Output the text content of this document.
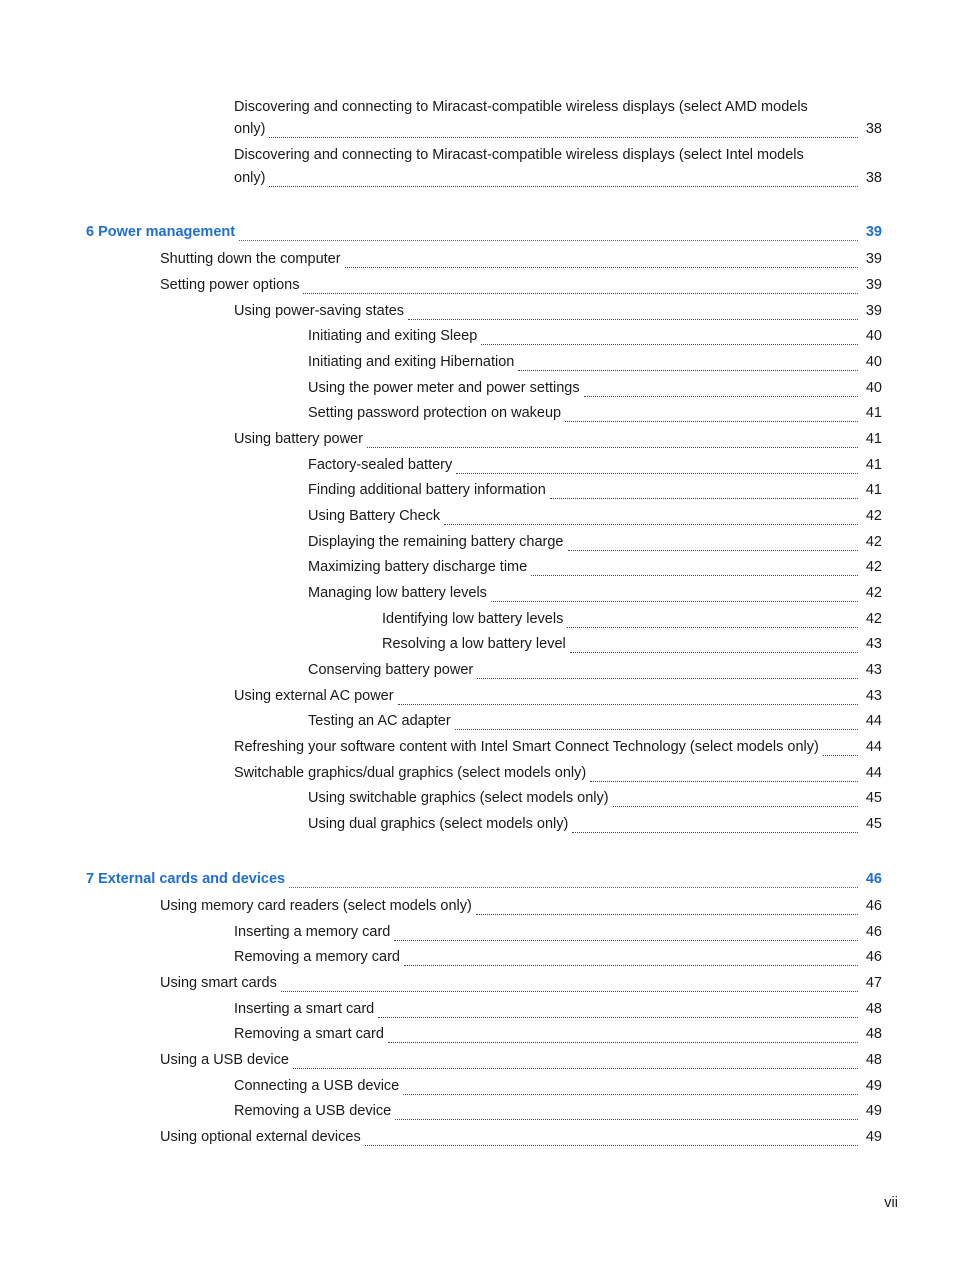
Discovering and connecting to Miracast-compatible wireless displays (select AMD models
only)	38
Discovering and connecting to Miracast-compatible wireless displays (select Intel models
only)	38
6 Power management	39
Shutting down the computer	39
Setting power options	39
Using power-saving states	39
Initiating and exiting Sleep	40
Initiating and exiting Hibernation	40
Using the power meter and power settings	40
Setting password protection on wakeup	41
Using battery power	41
Factory-sealed battery	41
Finding additional battery information	41
Using Battery Check	42
Displaying the remaining battery charge	42
Maximizing battery discharge time	42
Managing low battery levels	42
Identifying low battery levels	42
Resolving a low battery level	43
Conserving battery power	43
Using external AC power	43
Testing an AC adapter	44
Refreshing your software content with Intel Smart Connect Technology (select models only)	44
Switchable graphics/dual graphics (select models only)	44
Using switchable graphics (select models only)	45
Using dual graphics (select models only)	45
7 External cards and devices	46
Using memory card readers (select models only)	46
Inserting a memory card	46
Removing a memory card	46
Using smart cards	47
Inserting a smart card	48
Removing a smart card	48
Using a USB device	48
Connecting a USB device	49
Removing a USB device	49
Using optional external devices	49
vii
